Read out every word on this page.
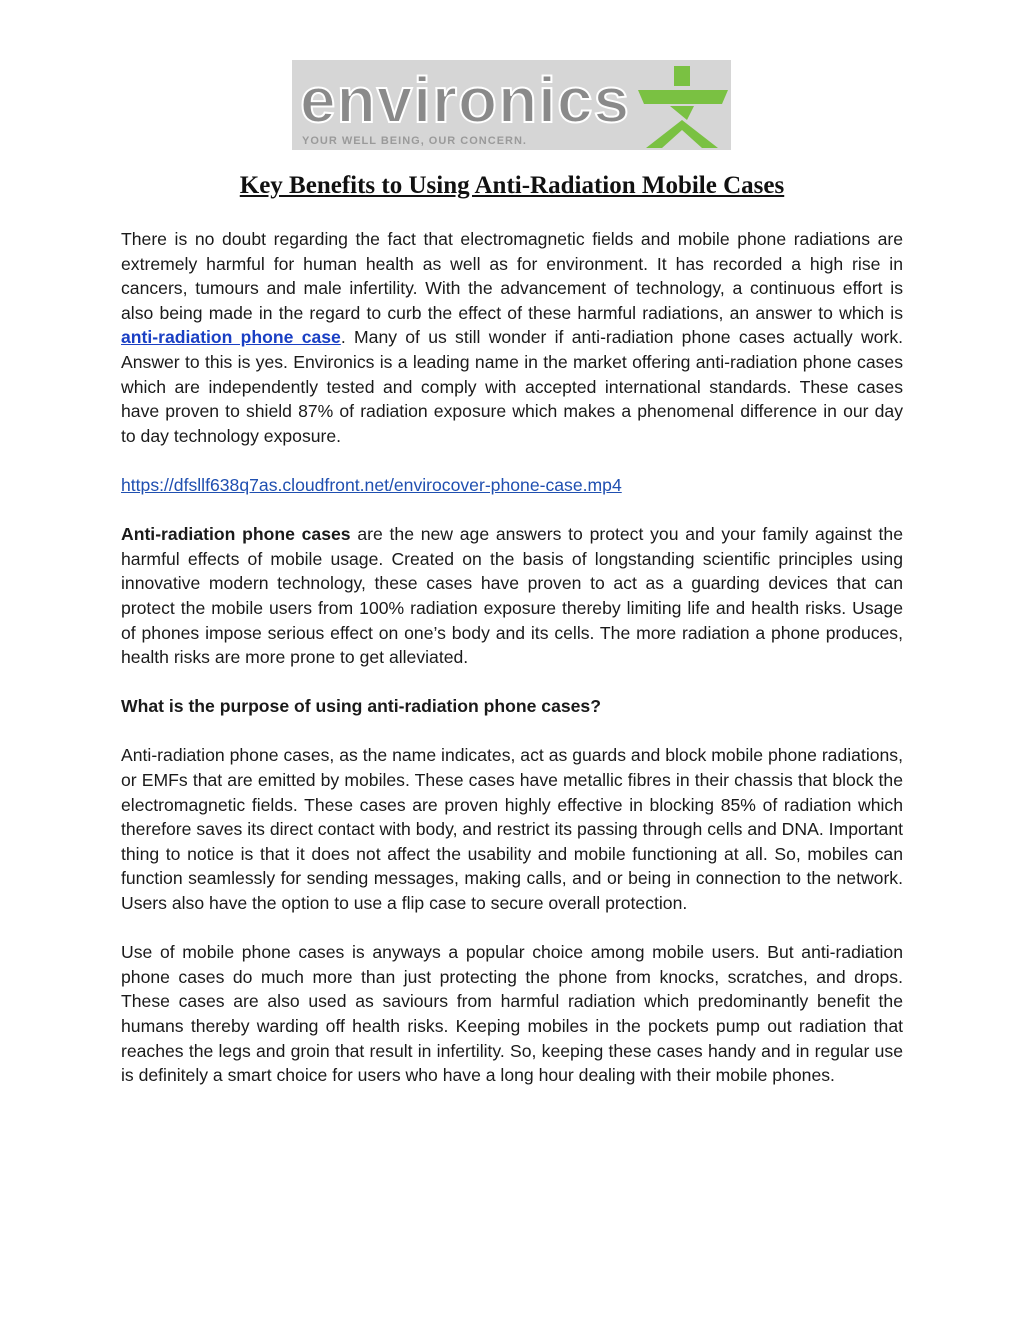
environics
YOUR WELL BEING, OUR CONCERN.
Key Benefits to Using Anti-Radiation Mobile Cases

There is no doubt regarding the fact that electromagnetic fields and mobile phone radiations are extremely harmful for human health as well as for environment. It has recorded a high rise in cancers, tumours and male infertility. With the advancement of technology, a continuous effort is also being made in the regard to curb the effect of these harmful radiations, an answer to which is anti-radiation phone case. Many of us still wonder if anti-radiation phone cases actually work. Answer to this is yes. Environics is a leading name in the market offering anti-radiation phone cases which are independently tested and comply with accepted international standards. These cases have proven to shield 87% of radiation exposure which makes a phenomenal difference in our day to day technology exposure.

https://dfsllf638q7as.cloudfront.net/envirocover-phone-case.mp4

Anti-radiation phone cases are the new age answers to protect you and your family against the harmful effects of mobile usage. Created on the basis of longstanding scientific principles using innovative modern technology, these cases have proven to act as a guarding devices that can protect the mobile users from 100% radiation exposure thereby limiting life and health risks. Usage of phones impose serious effect on one’s body and its cells. The more radiation a phone produces, health risks are more prone to get alleviated.

What is the purpose of using anti-radiation phone cases?

Anti-radiation phone cases, as the name indicates, act as guards and block mobile phone radiations, or EMFs that are emitted by mobiles. These cases have metallic fibres in their chassis that block the electromagnetic fields. These cases are proven highly effective in blocking 85% of radiation which therefore saves its direct contact with body, and restrict its passing through cells and DNA. Important thing to notice is that it does not affect the usability and mobile functioning at all. So, mobiles can function seamlessly for sending messages, making calls, and or being in connection to the network. Users also have the option to use a flip case to secure overall protection.

Use of mobile phone cases is anyways a popular choice among mobile users. But anti-radiation phone cases do much more than just protecting the phone from knocks, scratches, and drops. These cases are also used as saviours from harmful radiation which predominantly benefit the humans thereby warding off health risks. Keeping mobiles in the pockets pump out radiation that reaches the legs and groin that result in infertility. So, keeping these cases handy and in regular use is definitely a smart choice for users who have a long hour dealing with their mobile phones.
